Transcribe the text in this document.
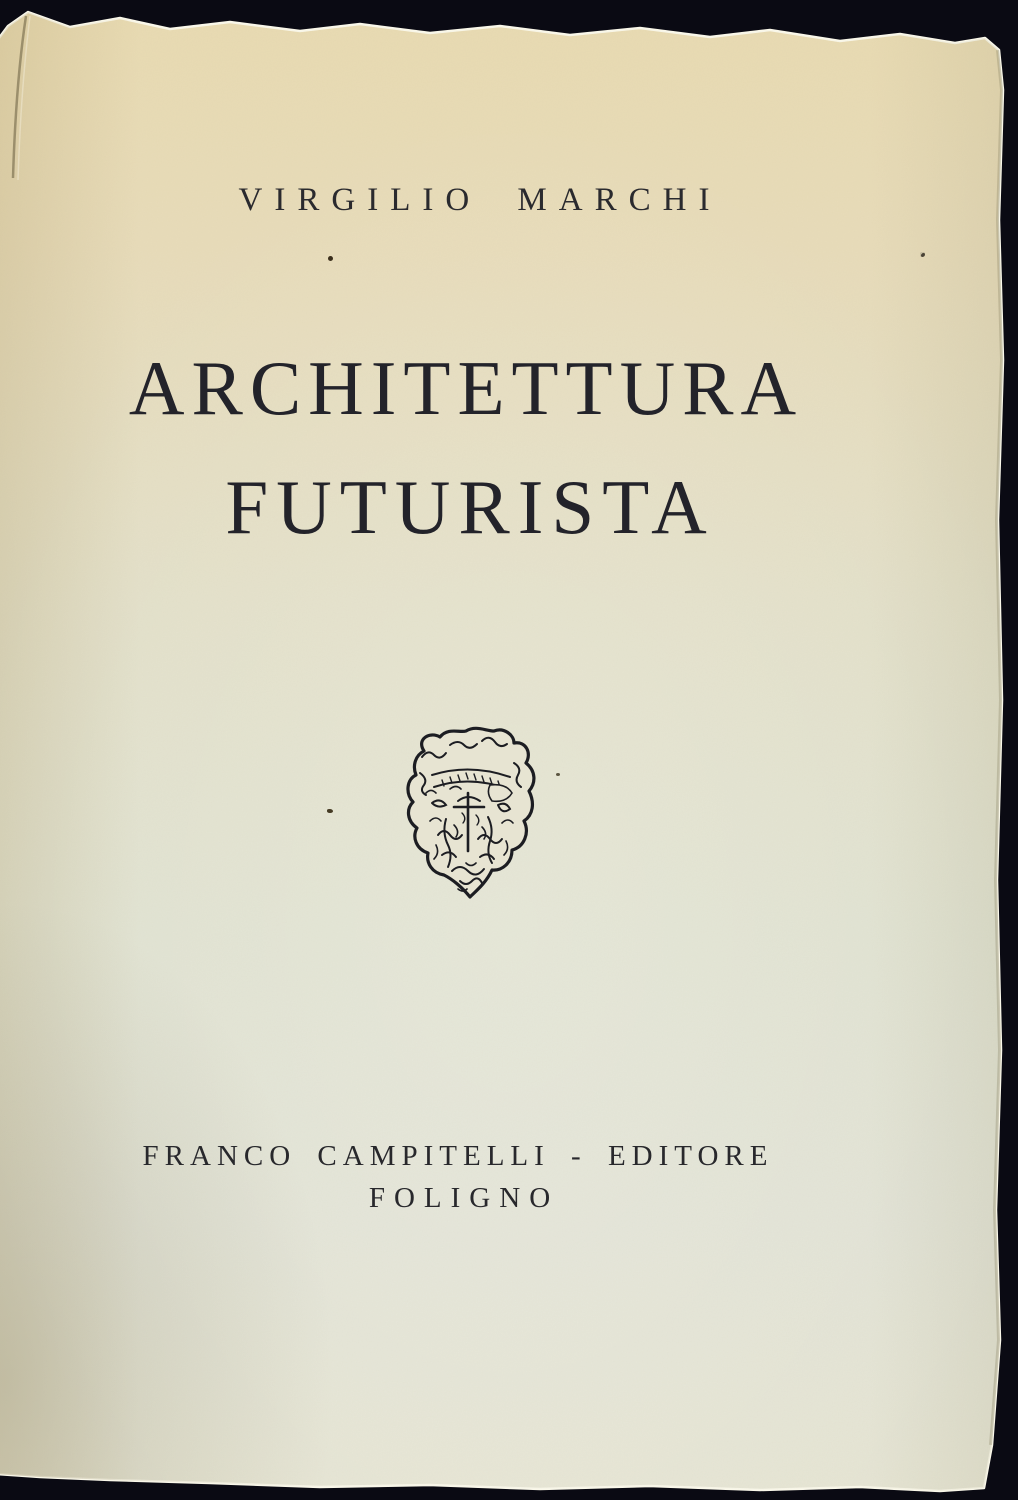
VIRGILIO MARCHI
ARCHITETTURA
FUTURISTA
FRANCO CAMPITELLI - EDITORE
FOLIGNO
